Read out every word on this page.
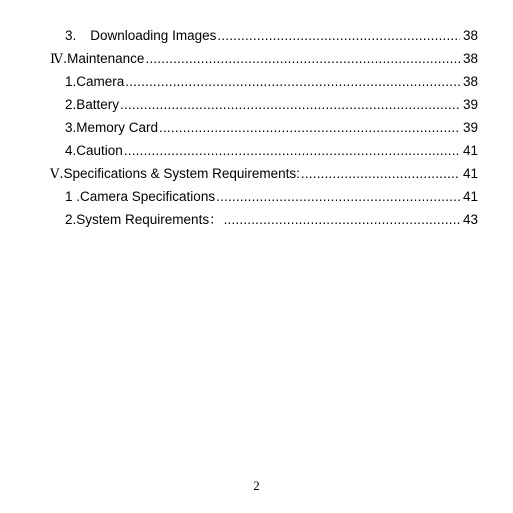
3.	Downloading Images .....	38
Ⅳ. Maintenance .....	38
1. Camera .....	38
2. Battery .....	39
3. Memory Card .....	39
4. Caution .....	41
Ⅴ. Specifications & System Requirements: .....	41
1 . Camera Specifications .....	41
2. System Requirements： .....	43
2
